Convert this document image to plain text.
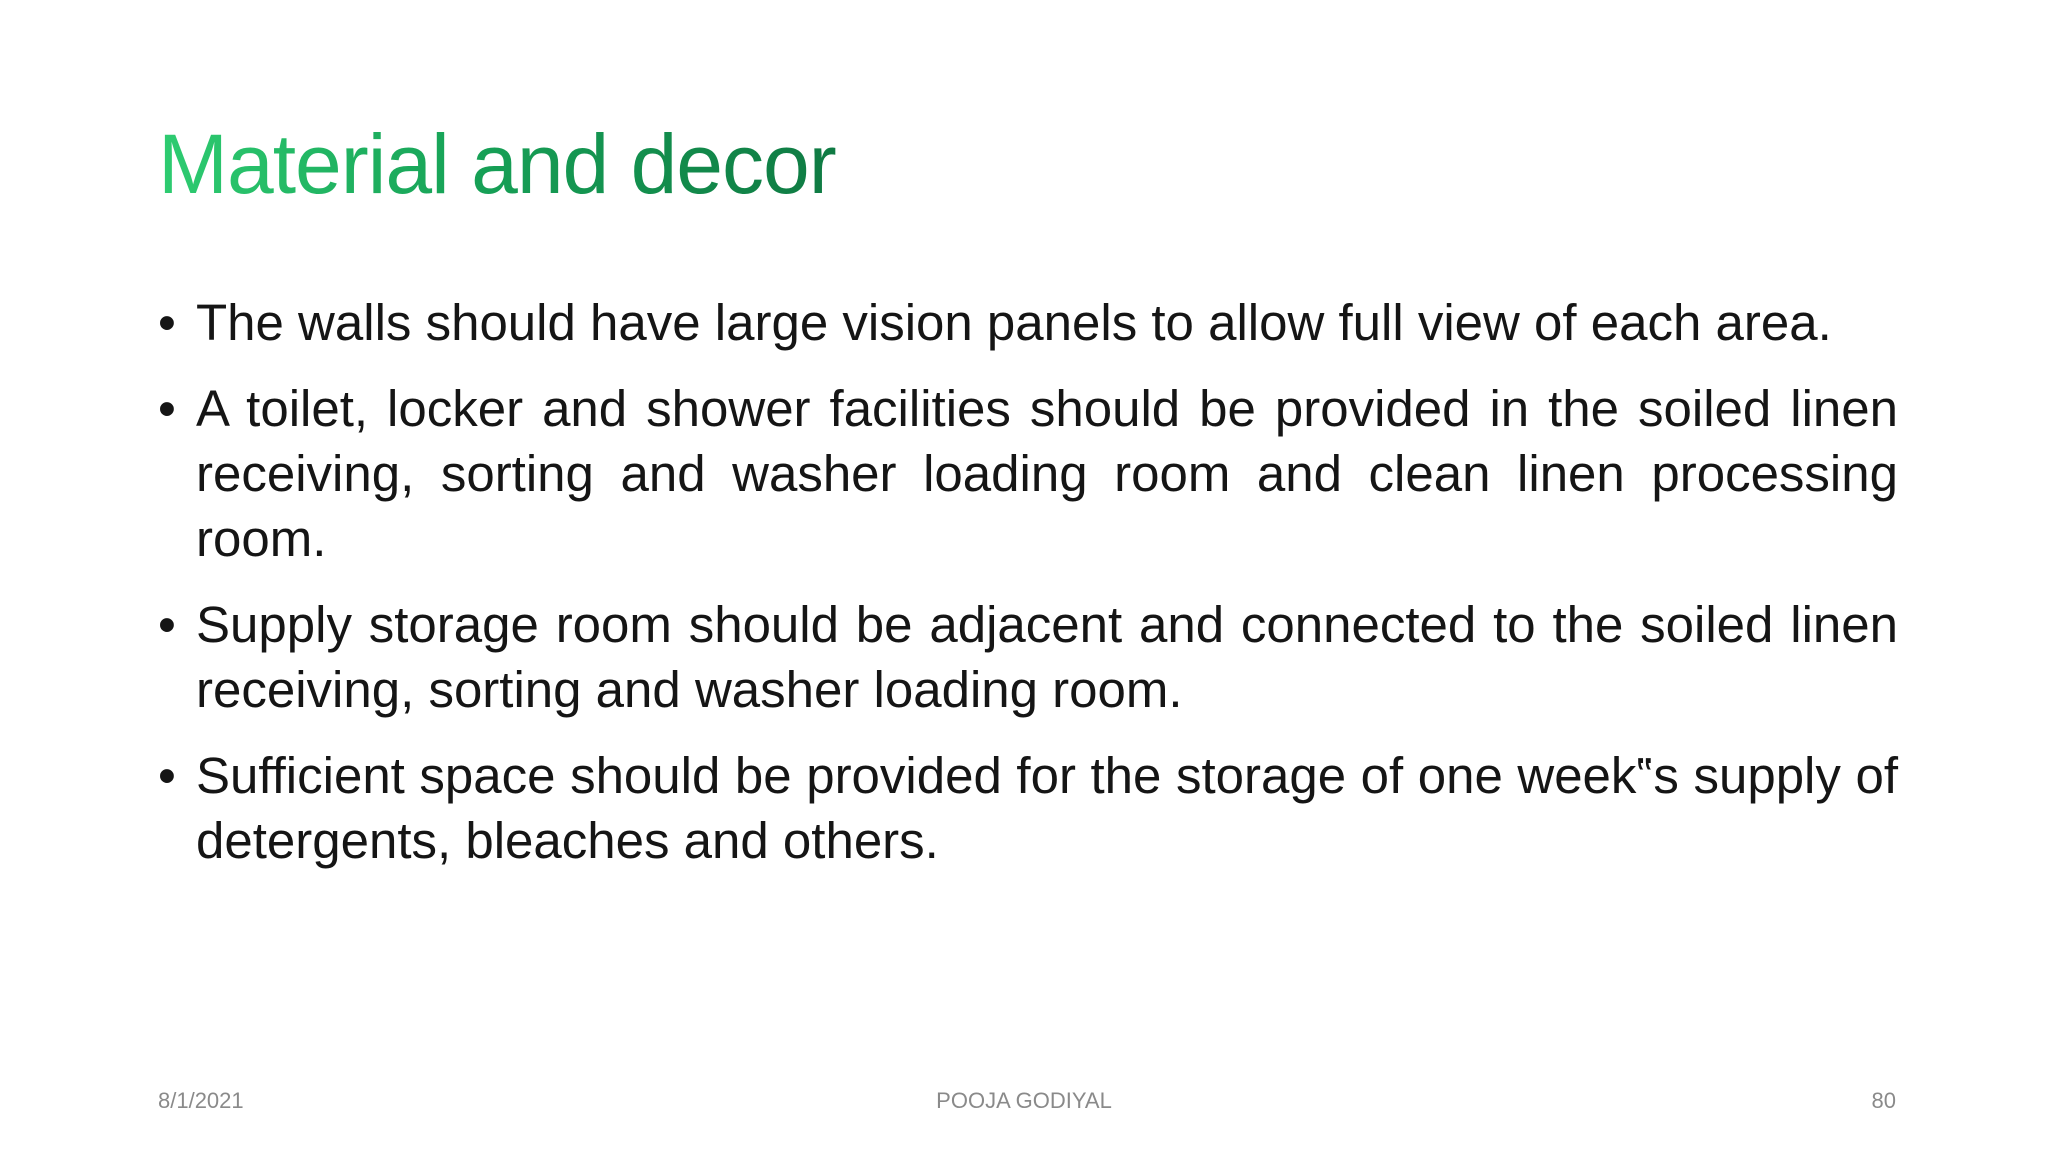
Material and decor
• The walls should have large vision panels to allow full view of each area.
• A toilet, locker and shower facilities should be provided in the soiled linen receiving, sorting and washer loading room and clean linen processing room.
• Supply storage room should be adjacent and connected to the soiled linen receiving, sorting and washer loading room.
• Sufficient space should be provided for the storage of one week‟s supply of detergents, bleaches and others.
8/1/2021	POOJA GODIYAL	80
